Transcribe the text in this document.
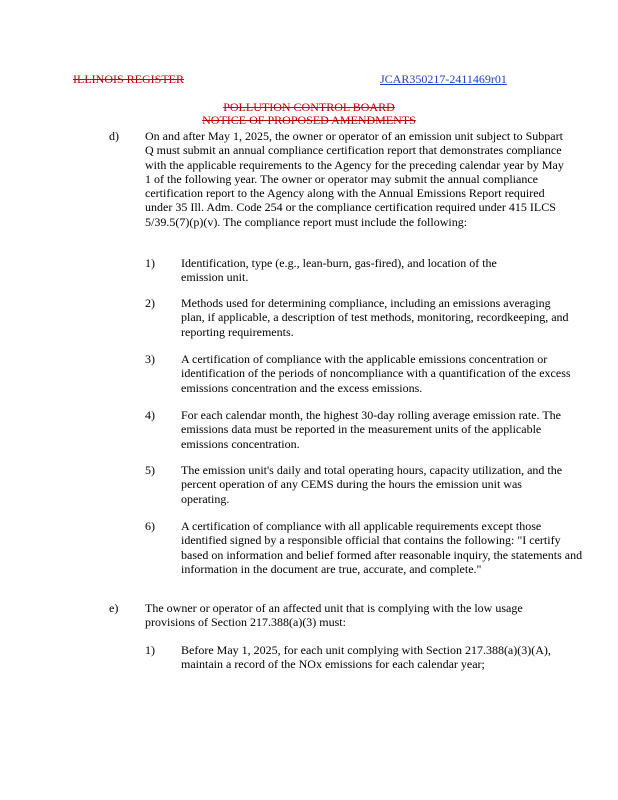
ILLINOIS REGISTER	JCAR350217-2411469r01
POLLUTION CONTROL BOARD
NOTICE OF PROPOSED AMENDMENTS
d) On and after May 1, 2025, the owner or operator of an emission unit subject to Subpart Q must submit an annual compliance certification report that demonstrates compliance with the applicable requirements to the Agency for the preceding calendar year by May 1 of the following year. The owner or operator may submit the annual compliance certification report to the Agency along with the Annual Emissions Report required under 35 Ill. Adm. Code 254 or the compliance certification required under 415 ILCS 5/39.5(7)(p)(v). The compliance report must include the following:

1) Identification, type (e.g., lean-burn, gas-fired), and location of the emission unit.

2) Methods used for determining compliance, including an emissions averaging plan, if applicable, a description of test methods, monitoring, recordkeeping, and reporting requirements.

3) A certification of compliance with the applicable emissions concentration or identification of the periods of noncompliance with a quantification of the excess emissions concentration and the excess emissions.

4) For each calendar month, the highest 30-day rolling average emission rate. The emissions data must be reported in the measurement units of the applicable emissions concentration.

5) The emission unit's daily and total operating hours, capacity utilization, and the percent operation of any CEMS during the hours the emission unit was operating.

6) A certification of compliance with all applicable requirements except those identified signed by a responsible official that contains the following: "I certify based on information and belief formed after reasonable inquiry, the statements and information in the document are true, accurate, and complete."

e) The owner or operator of an affected unit that is complying with the low usage provisions of Section 217.388(a)(3) must:

1) Before May 1, 2025, for each unit complying with Section 217.388(a)(3)(A), maintain a record of the NOx emissions for each calendar year;
